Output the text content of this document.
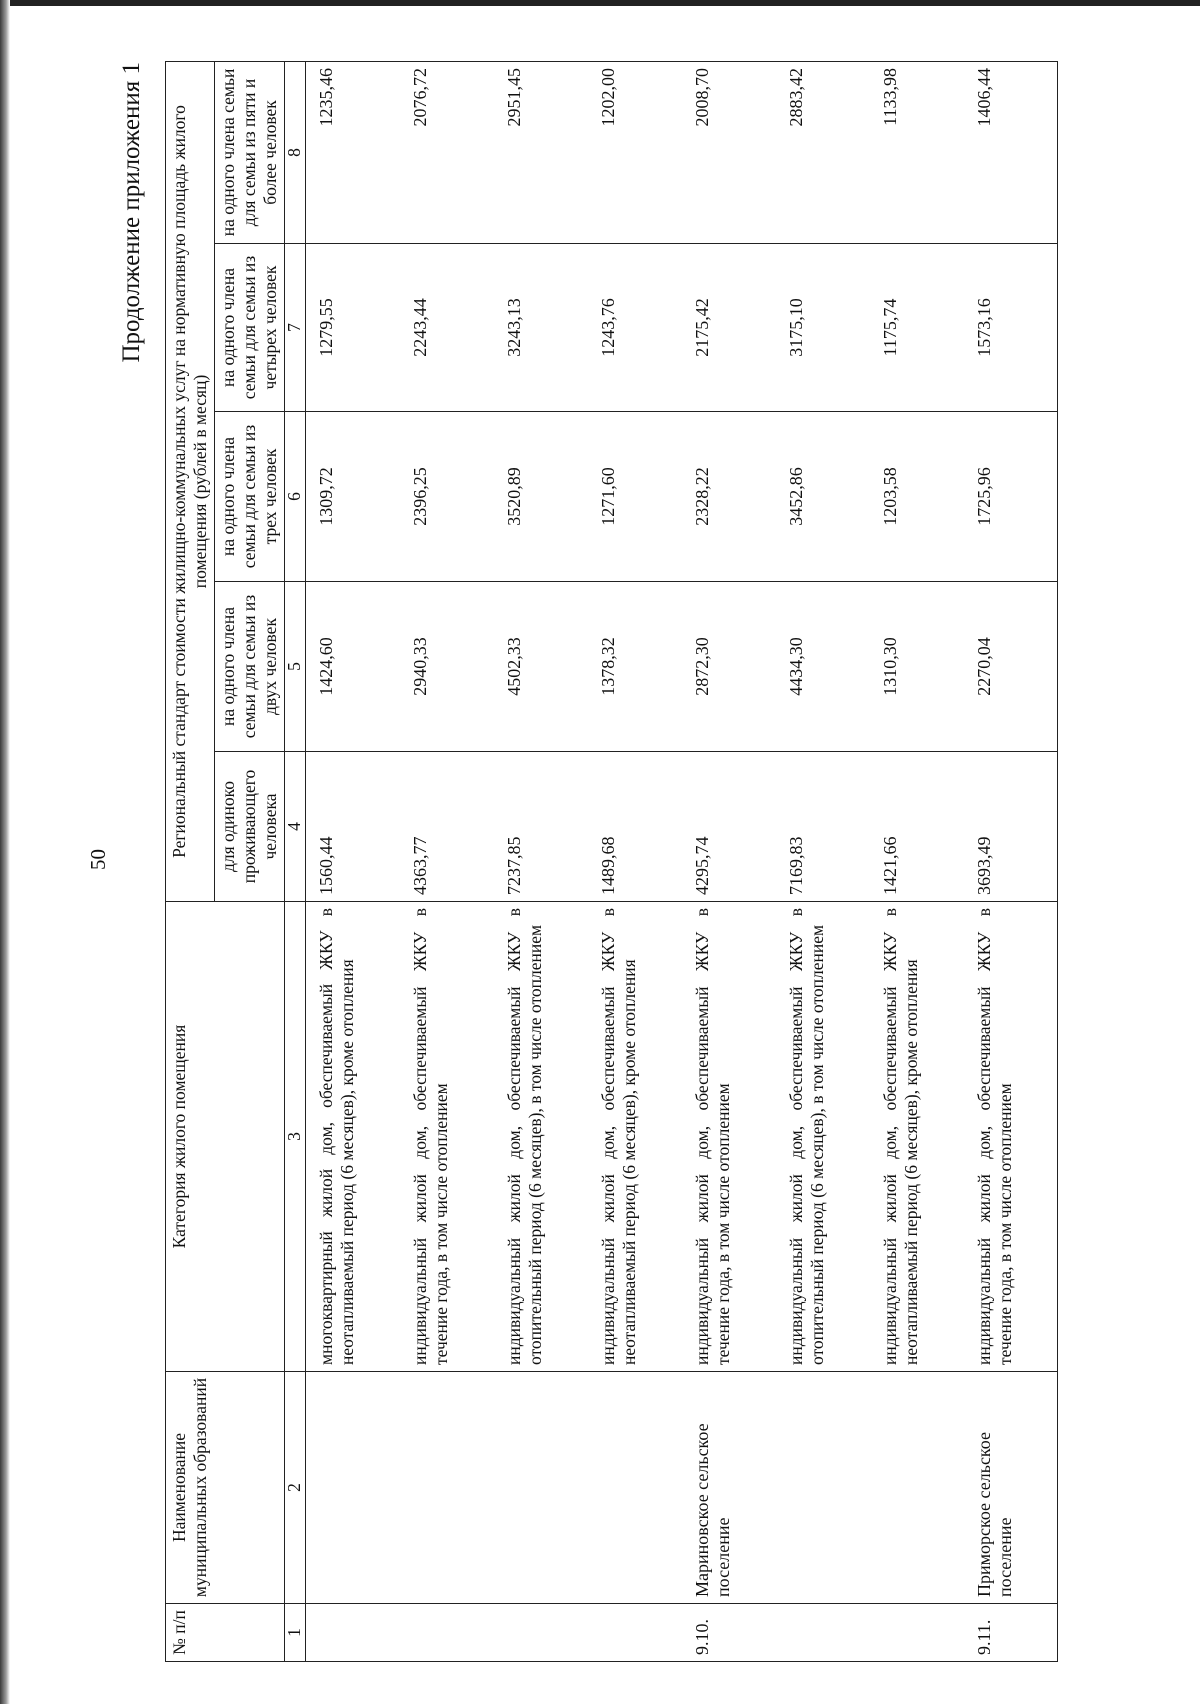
50
Продолжение приложения 1
№ п/п	Наименование муниципальных образований	Категория жилого помещения	Региональный стандарт стоимости жилищно-коммунальных услуг на нормативную площадь жилого помещения (рублей в месяц)				
			для одиноко проживающего человека	на одного члена семьи для семьи из двух человек	на одного члена семьи для семьи из трех человек	на одного члена семьи для семьи из четырех человек	на одного члена семьи для семьи из пяти и более человек
1	2	3	4	5	6	7	8
		многоквартирный жилой дом, обеспечиваемый ЖКУ в неотапливаемый период (6 месяцев), кроме отопления	1560,44	1424,60	1309,72	1279,55	1235,46
		индивидуальный жилой дом, обеспечиваемый ЖКУ в течение года, в том числе отоплением	4363,77	2940,33	2396,25	2243,44	2076,72
		индивидуальный жилой дом, обеспечиваемый ЖКУ в отопительный период (6 месяцев), в том числе отоплением	7237,85	4502,33	3520,89	3243,13	2951,45
		индивидуальный жилой дом, обеспечиваемый ЖКУ в неотапливаемый период (6 месяцев), кроме отопления	1489,68	1378,32	1271,60	1243,76	1202,00
9.10.	Мариновское сельское поселение	индивидуальный жилой дом, обеспечиваемый ЖКУ в течение года, в том числе отоплением	4295,74	2872,30	2328,22	2175,42	2008,70
		индивидуальный жилой дом, обеспечиваемый ЖКУ в отопительный период (6 месяцев), в том числе отоплением	7169,83	4434,30	3452,86	3175,10	2883,42
		индивидуальный жилой дом, обеспечиваемый ЖКУ в неотапливаемый период (6 месяцев), кроме отопления	1421,66	1310,30	1203,58	1175,74	1133,98
9.11.	Приморское сельское поселение	индивидуальный жилой дом, обеспечиваемый ЖКУ в течение года, в том числе отоплением	3693,49	2270,04	1725,96	1573,16	1406,44
